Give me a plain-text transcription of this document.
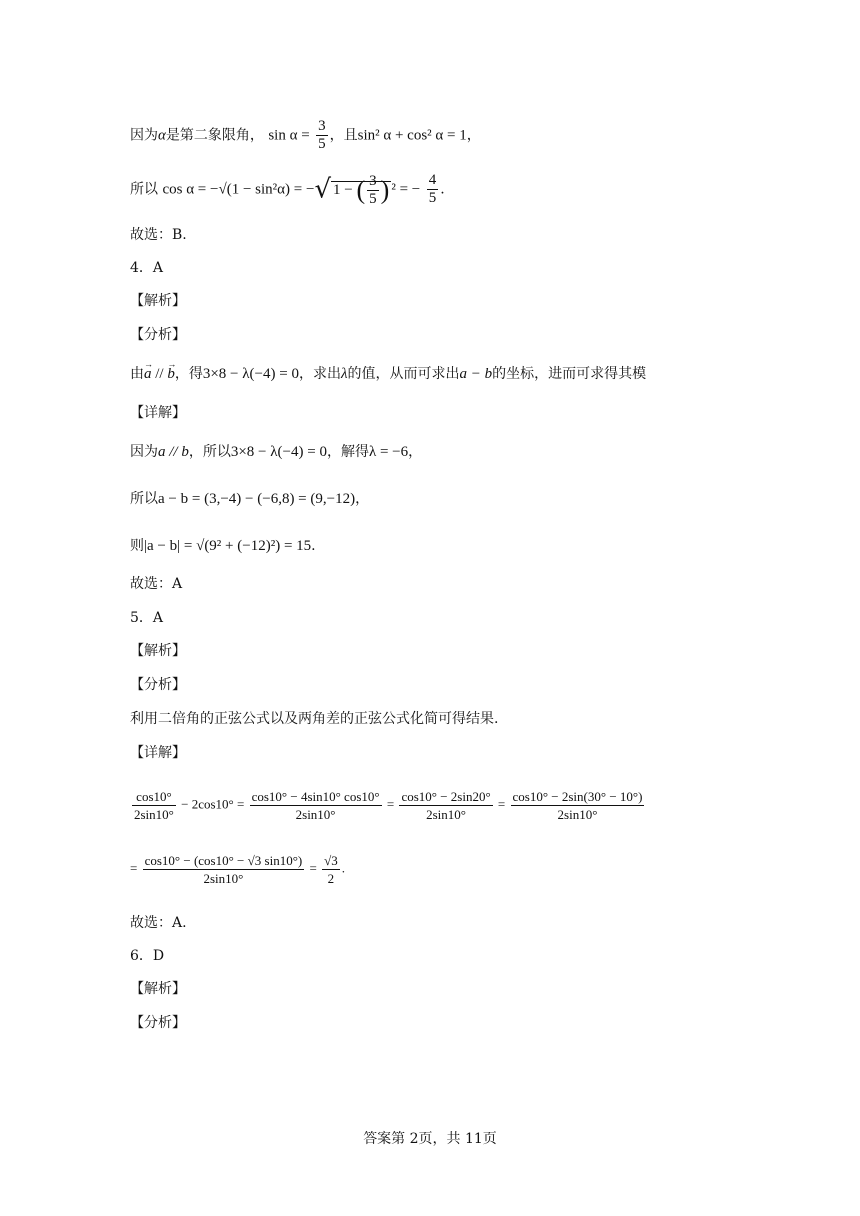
因为α是第二象限角， $\sin \alpha = \frac{3}{5}$ ，且sin² α + cos² α = 1，
所以 cos α = −√(1 − sin²α) = −√ 1 − ( $\frac{3}{5}$ ) ² = − $\frac{4}{5}$ .
故选：B.
4．A
【解析】
【分析】
由a → // b →，得3×8 − λ(−4) = 0，求出λ的值，从而可求出a − b的坐标，进而可求得其模
【详解】
因为a // b，所以3×8 − λ(−4) = 0，解得λ = −6，
所以a − b = (3,−4) − (−6,8) = (9,−12)，
则|a − b| = √(9² + (−12)²) = 15.
故选：A
5．A
【解析】
【分析】
利用二倍角的正弦公式以及两角差的正弦公式化简可得结果.
【详解】
$\frac{\cos 10^\circ}{2\sin 10^\circ} - 2\cos 10^\circ = \frac{\cos 10^\circ - 4\sin 10^\circ \cos 10^\circ}{2\sin 10^\circ} = \frac{\cos 10^\circ - 2\sin 20^\circ}{2\sin 10^\circ} = \frac{\cos 10^\circ - 2\sin(30^\circ - 10^\circ)}{2\sin 10^\circ}$
= $\frac{\cos 10^\circ - (\cos 10^\circ - √3 \sin 10^\circ)}{2\sin 10^\circ} = \frac{√3}{2}$ .
故选：A.
6．D
【解析】
【分析】
答案第 2页，共 11页
